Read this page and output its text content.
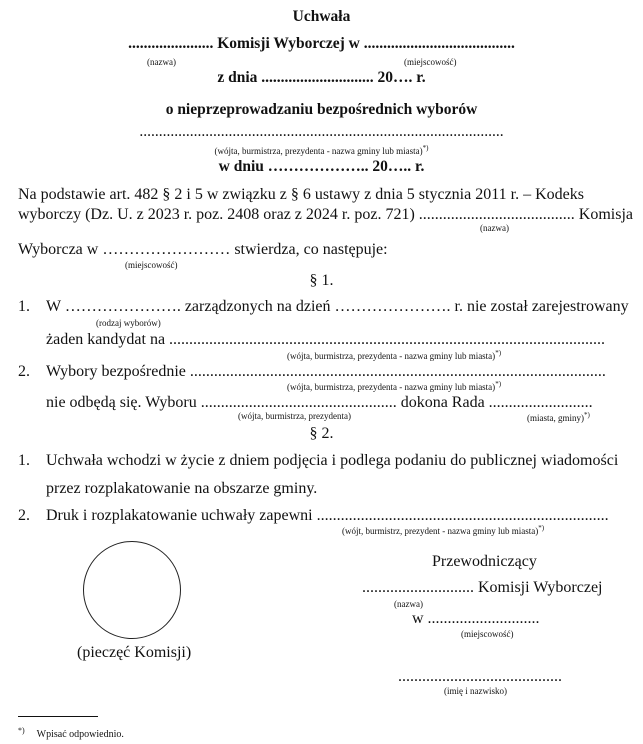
Uchwała
...................... Komisji Wyborczej w .......................................
(nazwa)	(miejscowość)
z dnia ............................. 20…. r.
o nieprzeprowadzaniu bezpośrednich wyborów
..............................................................................................
(wójta, burmistrza, prezydenta - nazwa gminy lub miasta)*)
w dniu ……………….. 20….. r.
Na podstawie art. 482 § 2 i 5 w związku z § 6 ustawy z dnia 5 stycznia 2011 r. – Kodeks
wyborczy (Dz. U. z 2023 r. poz. 2408 oraz z 2024 r. poz. 721) ....................................... Komisja
(nazwa)
Wyborcza w …………………… stwierdza, co następuje:
(miejscowość)
§ 1.
1. W …………………. zarządzonych na dzień …………………. r. nie został zarejestrowany
(rodzaj wyborów)
żaden kandydat na .............................................................................................................
(wójta, burmistrza, prezydenta - nazwa gminy lub miasta)*)
2. Wybory bezpośrednie ........................................................................................................
(wójta, burmistrza, prezydenta - nazwa gminy lub miasta)*)
nie odbędą się. Wyboru ................................................. dokona Rada ..........................
(wójta, burmistrza, prezydenta)	(miasta, gminy)*)
§ 2.
1. Uchwała wchodzi w życie z dniem podjęcia i podlega podaniu do publicznej wiadomości
przez rozplakatowanie na obszarze gminy.
2. Druk i rozplakatowanie uchwały zapewni .........................................................................
(wójt, burmistrz, prezydent - nazwa gminy lub miasta)*)
(pieczęć Komisji)
Przewodniczący
............................ Komisji Wyborczej
(nazwa)
w ............................
(miejscowość)
.........................................
(imię i nazwisko)
*) Wpisać odpowiednio.
